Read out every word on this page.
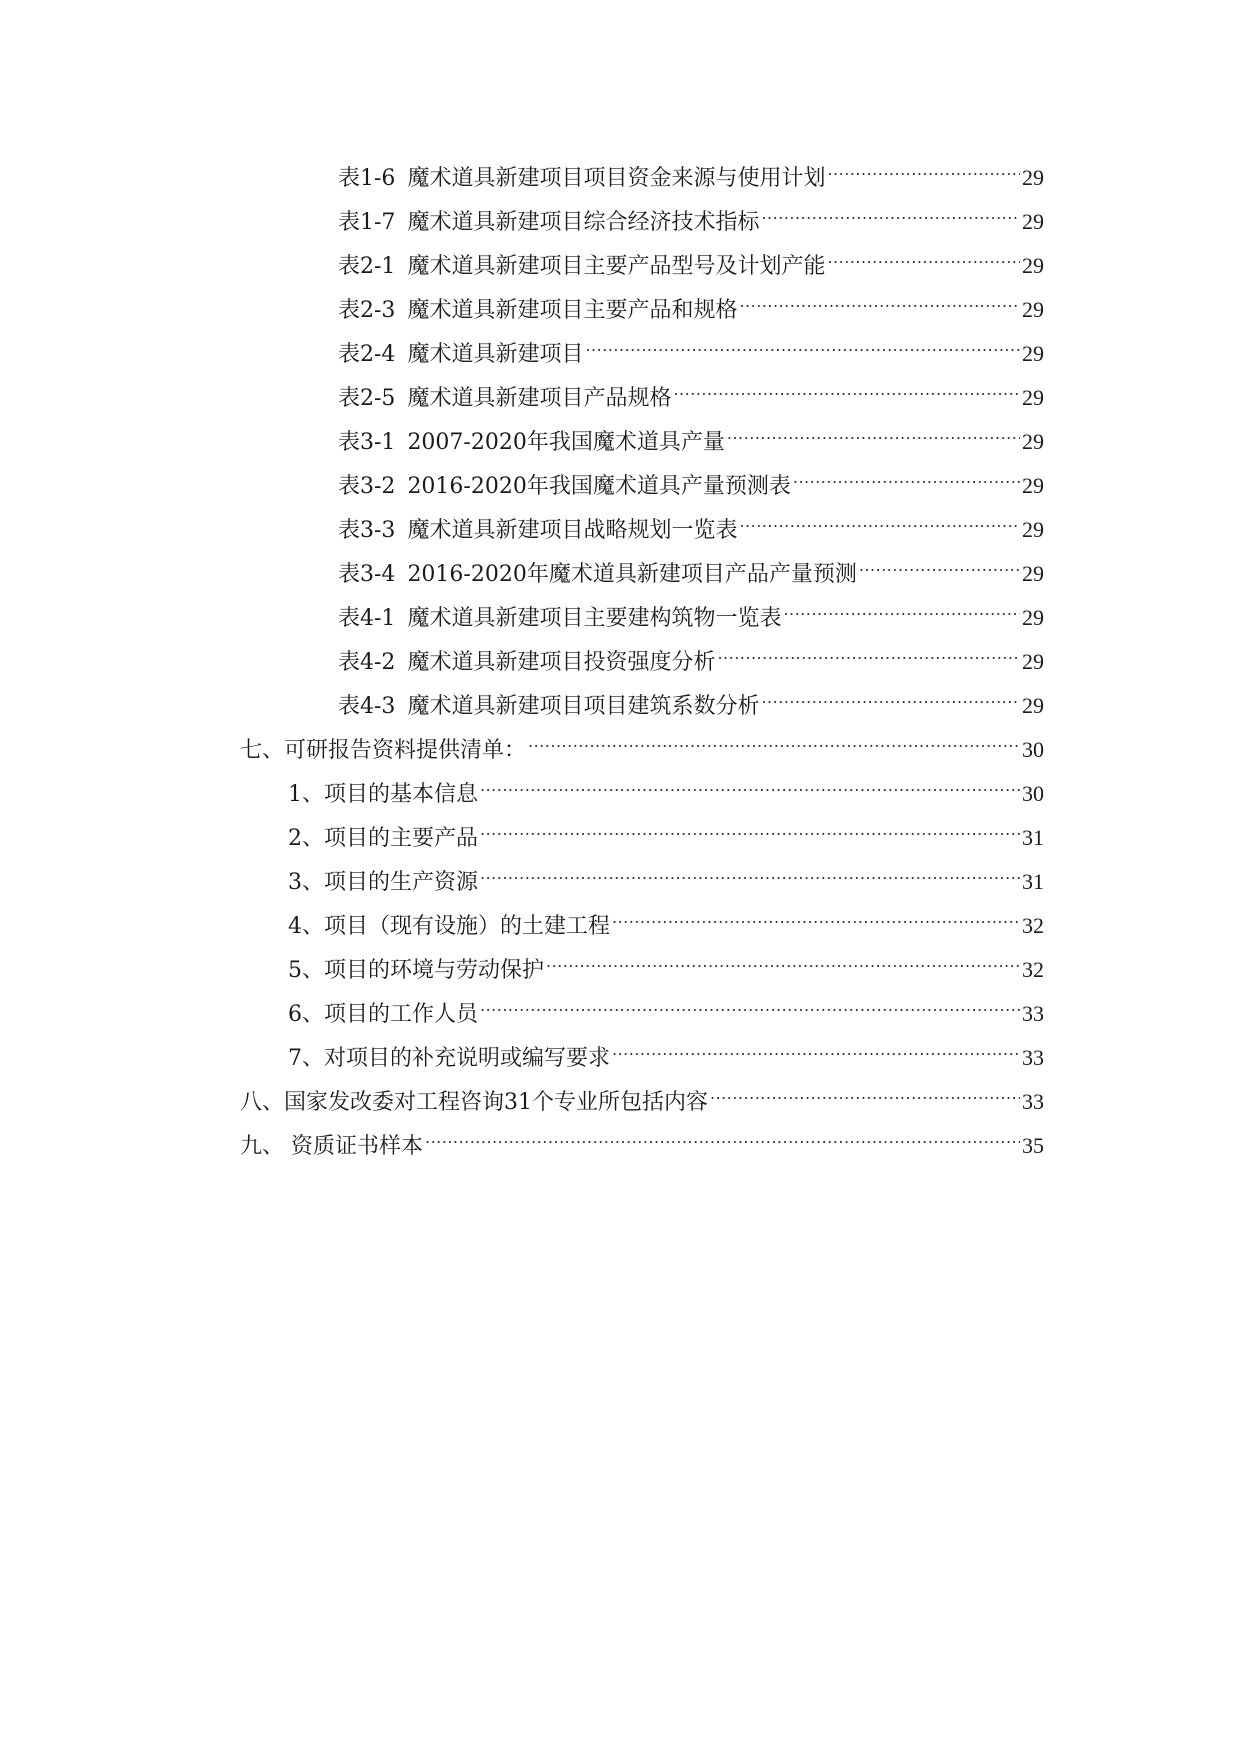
表1-6 魔术道具新建项目项目资金来源与使用计划 .....	29
表1-7 魔术道具新建项目综合经济技术指标 .....	29
表2-1 魔术道具新建项目主要产品型号及计划产能 .....	29
表2-3 魔术道具新建项目主要产品和规格 .....	29
表2-4 魔术道具新建项目 .....	29
表2-5 魔术道具新建项目产品规格 .....	29
表3-1 2007-2020年我国魔术道具产量 .....	29
表3-2 2016-2020年我国魔术道具产量预测表 .....	29
表3-3 魔术道具新建项目战略规划一览表 .....	29
表3-4 2016-2020年魔术道具新建项目产品产量预测 .....	29
表4-1 魔术道具新建项目主要建构筑物一览表 .....	29
表4-2 魔术道具新建项目投资强度分析 .....	29
表4-3 魔术道具新建项目项目建筑系数分析 .....	29
七、可研报告资料提供清单： .....	30
1、项目的基本信息 .....	30
2、项目的主要产品 .....	31
3、项目的生产资源 .....	31
4、项目（现有设施）的土建工程 .....	32
5、项目的环境与劳动保护 .....	32
6、项目的工作人员 .....	33
7、对项目的补充说明或编写要求 .....	33
八、国家发改委对工程咨询31个专业所包括内容 .....	33
九、 资质证书样本 .....	35
